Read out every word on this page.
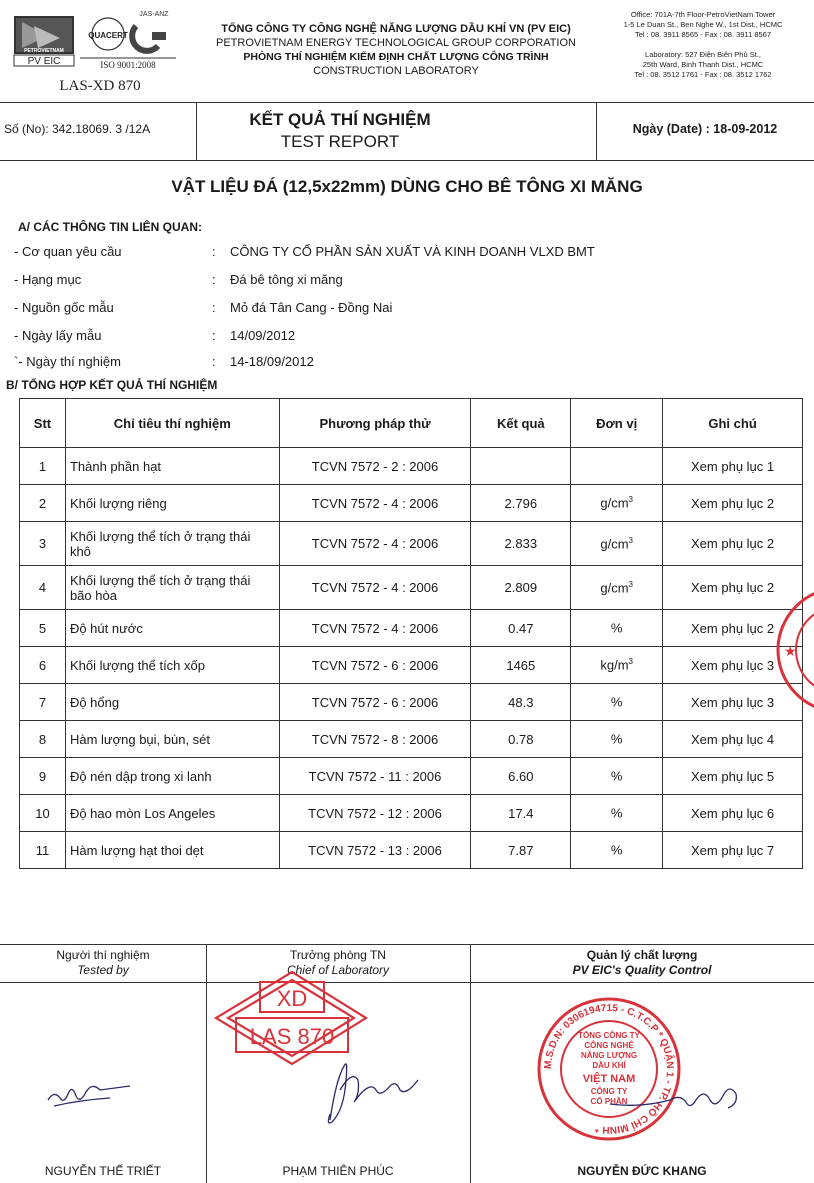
PETROVIETNAM
PV EIC
QUACERT
JAS-ANZ
ISO 9001:2008
LAS-XD 870
TỔNG CÔNG TY CÔNG NGHỆ NĂNG LƯỢNG DẦU KHÍ VN (PV EIC)
PETROVIETNAM ENERGY TECHNOLOGICAL GROUP CORPORATION
PHÒNG THÍ NGHIỆM KIỂM ĐỊNH CHẤT LƯỢNG CÔNG TRÌNH
CONSTRUCTION LABORATORY
Office: 701A-7th Floor-PetroVietNam Tower
1-5 Le Duan St., Ben Nghe W., 1st Dist., HCMC
Tel : 08. 3911 8565 - Fax : 08. 3911 8567
Laboratory: 527 Điện Biên Phủ St.,
25th Ward, Binh Thanh Dist., HCMC
Tel : 08. 3512 1761 - Fax : 08. 3512 1762
Số (No): 342.18069. 3 /12A	KẾT QUẢ THÍ NGHIỆM
TEST REPORT
Ngày (Date) : 18-09-2012
VẬT LIỆU ĐÁ (12,5x22mm) DÙNG CHO BÊ TÔNG XI MĂNG
A/ CÁC THÔNG TIN LIÊN QUAN:
- Cơ quan yêu cầu	: CÔNG TY CỔ PHẦN SẢN XUẤT VÀ KINH DOANH VLXD BMT
- Hạng mục	: Đá bê tông xi măng
- Nguồn gốc mẫu	: Mỏ đá Tân Cang - Đồng Nai
- Ngày lấy mẫu	: 14/09/2012
`- Ngày thí nghiệm	: 14-18/09/2012
B/ TỔNG HỢP KẾT QUẢ THÍ NGHIỆM
Stt	Chỉ tiêu thí nghiệm	Phương pháp thử	Kết quả	Đơn vị	Ghi chú
1	Thành phần hạt	TCVN 7572 - 2 : 2006			Xem phụ lục 1
2	Khối lượng riêng	TCVN 7572 - 4 : 2006	2.796	$g/cm^3$	Xem phụ lục 2
3	Khối lượng thể tích ở trạng thái khô	TCVN 7572 - 4 : 2006	2.833	$g/cm^3$	Xem phụ lục 2
4	Khối lượng thể tích ở trạng thái bão hòa	TCVN 7572 - 4 : 2006	2.809	$g/cm^3$	Xem phụ lục 2
5	Độ hút nước	TCVN 7572 - 4 : 2006	0.47	%	Xem phụ lục 2
6	Khối lượng thể tích xốp	TCVN 7572 - 6 : 2006	1465	$kg/m^3$	Xem phụ lục 3
7	Độ hổng	TCVN 7572 - 6 : 2006	48.3	%	Xem phụ lục 3
8	Hàm lượng bụi, bùn, sét	TCVN 7572 - 8 : 2006	0.78	%	Xem phụ lục 4
9	Độ nén dập trong xi lanh	TCVN 7572 - 11 : 2006	6.60	%	Xem phụ lục 5
10	Độ hao mòn Los Angeles	TCVN 7572 - 12 : 2006	17.4	%	Xem phụ lục 6
11	Hàm lượng hạt thoi dẹt	TCVN 7572 - 13 : 2006	7.87	%	Xem phụ lục 7
Người thí nghiệm
Tested by
Trưởng phòng TN
Chief of Laboratory
Quản lý chất lượng
PV EIC's Quality Control
XD
LAS 870
M.S.D.N: 0306194715 - C.T.C.P * QUẬN 1 - TP. HỒ CHÍ MINH *
TỔNG CÔNG TY
CÔNG NGHỆ
NĂNG LƯỢNG
DẦU KHÍ
VIỆT NAM
CÔNG TY
CỔ PHẦN
★
NGUYỄN THẾ TRIẾT	PHẠM THIÊN PHÚC	NGUYỄN ĐỨC KHANG
